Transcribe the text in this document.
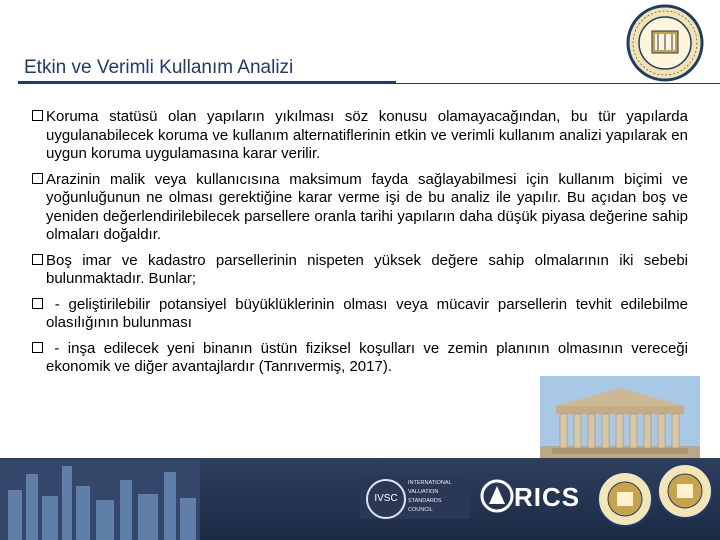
Etkin ve Verimli Kullanım Analizi

Koruma statüsü olan yapıların yıkılması söz konusu olamayacağından, bu tür yapılarda uygulanabilecek koruma ve kullanım alternatiflerinin etkin ve verimli kullanım analizi yapılarak en uygun koruma uygulamasına karar verilir.

Arazinin malik veya kullanıcısına maksimum fayda sağlayabilmesi için kullanım biçimi ve yoğunluğunun ne olması gerektiğine karar verme işi de bu analiz ile yapılır. Bu açıdan boş ve yeniden değerlendirilebilecek parsellere oranla tarihi yapıların daha düşük piyasa değerine sahip olmaları doğaldır.

Boş imar ve kadastro parsellerinin nispeten yüksek değere sahip olmalarının iki sebebi bulunmaktadır. Bunlar;

- geliştirilebilir potansiyel büyüklüklerinin olması veya mücavir parsellerin tevhit edilebilme olasılığının bulunması

- inşa edilecek yeni binanın üstün fiziksel koşulları ve zemin planının olmasının vereceği ekonomik ve diğer avantajlardır (Tanrıvermiş, 2017).

IVSC
INTERNATIONAL
VALUATION
STANDARDS
COUNCIL	RICS
